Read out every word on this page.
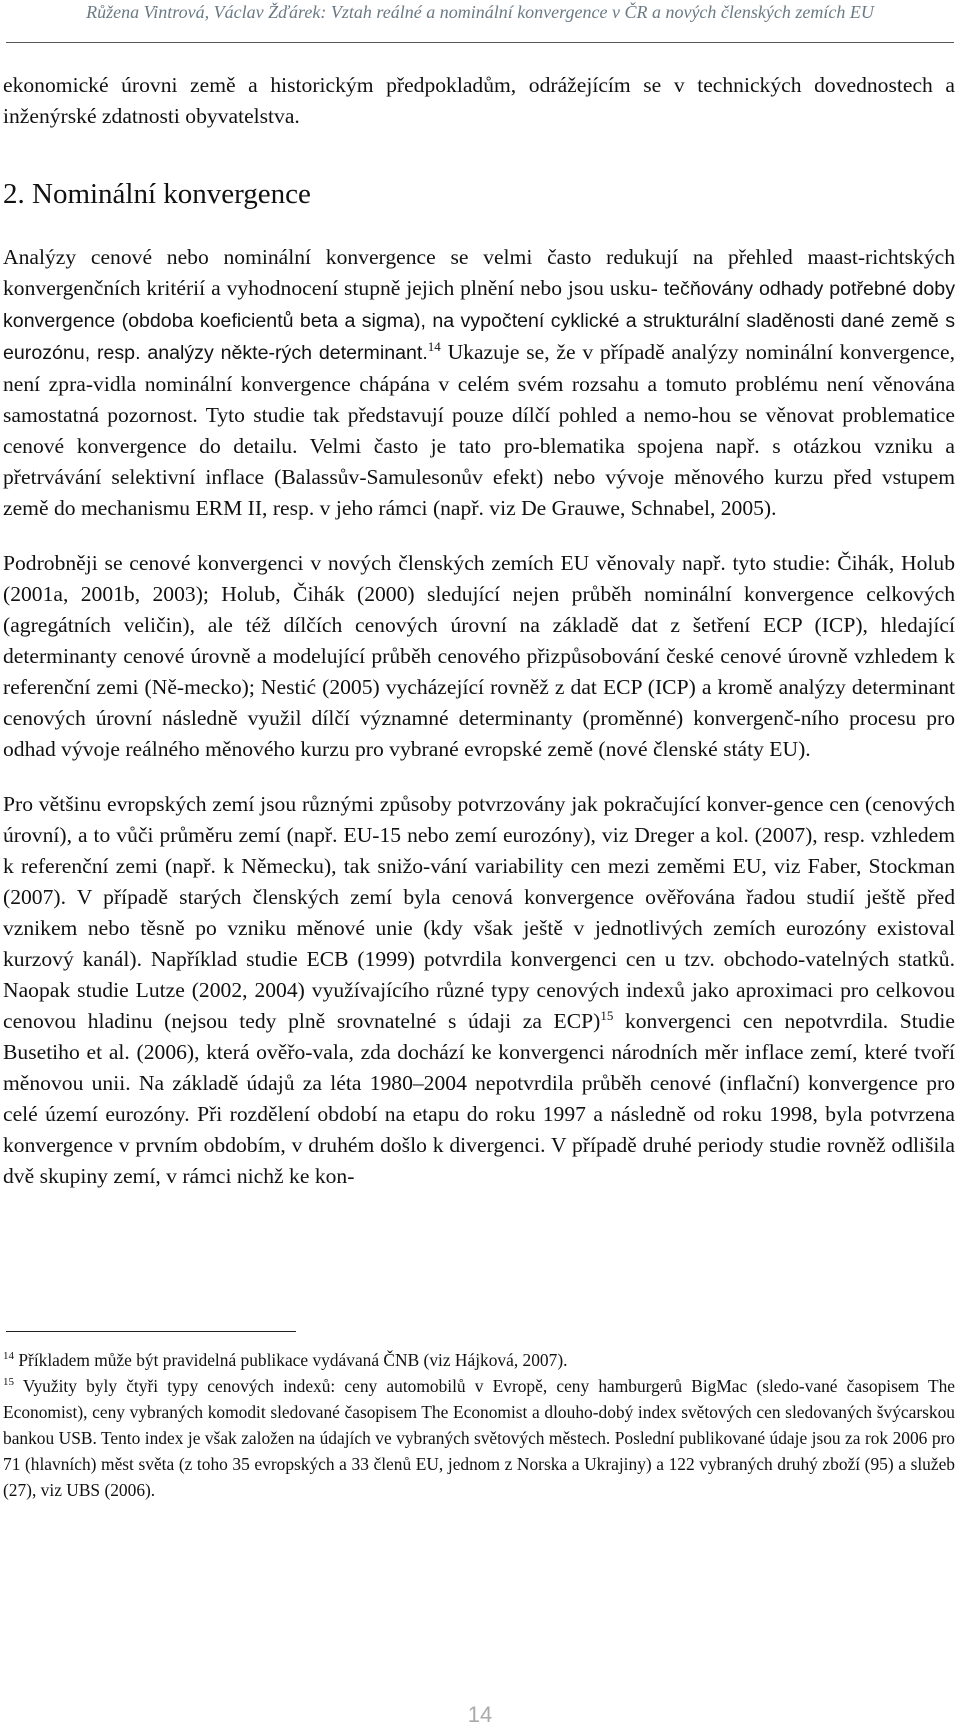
Růžena Vintrová, Václav Žďárek: Vztah reálné a nominální konvergence v ČR a nových členských zemích EU

ekonomické úrovni země a historickým předpokladům, odrážejícím se v technických dovednostech a inženýrské zdatnosti obyvatelstva.

2. Nominální konvergence

Analýzy cenové nebo nominální konvergence se velmi často redukují na přehled maast-richtských konvergenčních kritérií a vyhodnocení stupně jejich plnění nebo jsou usku- tečňovány odhady potřebné doby konvergence (obdoba koeficientů beta a sigma), na vypočtení cyklické a strukturální sladěnosti dané země s eurozónu, resp. analýzy někte-rých determinant.$^{14}$ Ukazuje se, že v případě analýzy nominální konvergence, není zpra-vidla nominální konvergence chápána v celém svém rozsahu a tomuto problému není věnována samostatná pozornost. Tyto studie tak představují pouze dílčí pohled a nemo-hou se věnovat problematice cenové konvergence do detailu. Velmi často je tato pro-blematika spojena např. s otázkou vzniku a přetrvávání selektivní inflace (Balassův-Samulesonův efekt) nebo vývoje měnového kurzu před vstupem země do mechanismu ERM II, resp. v jeho rámci (např. viz De Grauwe, Schnabel, 2005).

Podrobněji se cenové konvergenci v nových členských zemích EU věnovaly např. tyto studie: Čihák, Holub (2001a, 2001b, 2003); Holub, Čihák (2000) sledující nejen průběh nominální konvergence celkových (agregátních veličin), ale též dílčích cenových úrovní na základě dat z šetření ECP (ICP), hledající determinanty cenové úrovně a modelující průběh cenového přizpůsobování české cenové úrovně vzhledem k referenční zemi (Ně-mecko); Nestić (2005) vycházející rovněž z dat ECP (ICP) a kromě analýzy determinant cenových úrovní následně využil dílčí významné determinanty (proměnné) konvergenč-ního procesu pro odhad vývoje reálného měnového kurzu pro vybrané evropské země (nové členské státy EU).

Pro většinu evropských zemí jsou různými způsoby potvrzovány jak pokračující konver-gence cen (cenových úrovní), a to vůči průměru zemí (např. EU-15 nebo zemí eurozóny), viz Dreger a kol. (2007), resp. vzhledem k referenční zemi (např. k Německu), tak snižo-vání variability cen mezi zeměmi EU, viz Faber, Stockman (2007). V případě starých členských zemí byla cenová konvergence ověřována řadou studií ještě před vznikem nebo těsně po vzniku měnové unie (kdy však ještě v jednotlivých zemích eurozóny existoval kurzový kanál). Například studie ECB (1999) potvrdila konvergenci cen u tzv. obchodo-vatelných statků. Naopak studie Lutze (2002, 2004) využívajícího různé typy cenových indexů jako aproximaci pro celkovou cenovou hladinu (nejsou tedy plně srovnatelné s údaji za ECP)$^{15}$ konvergenci cen nepotvrdila. Studie Busetiho et al. (2006), která ověřo-vala, zda dochází ke konvergenci národních měr inflace zemí, které tvoří měnovou unii. Na základě údajů za léta 1980–2004 nepotvrdila průběh cenové (inflační) konvergence pro celé území eurozóny. Při rozdělení období na etapu do roku 1997 a následně od roku 1998, byla potvrzena konvergence v prvním obdobím, v druhém došlo k divergenci. V případě druhé periody studie rovněž odlišila dvě skupiny zemí, v rámci nichž ke kon-

$^{14}$ Příkladem může být pravidelná publikace vydávaná ČNB (viz Hájková, 2007).

$^{15}$ Využity byly čtyři typy cenových indexů: ceny automobilů v Evropě, ceny hamburgerů BigMac (sledo-vané časopisem The Economist), ceny vybraných komodit sledované časopisem The Economist a dlouho-dobý index světových cen sledovaných švýcarskou bankou USB. Tento index je však založen na údajích ve vybraných světových městech. Poslední publikované údaje jsou za rok 2006 pro 71 (hlavních) měst světa (z toho 35 evropských a 33 členů EU, jednom z Norska a Ukrajiny) a 122 vybraných druhý zboží (95) a služeb (27), viz UBS (2006).

14
